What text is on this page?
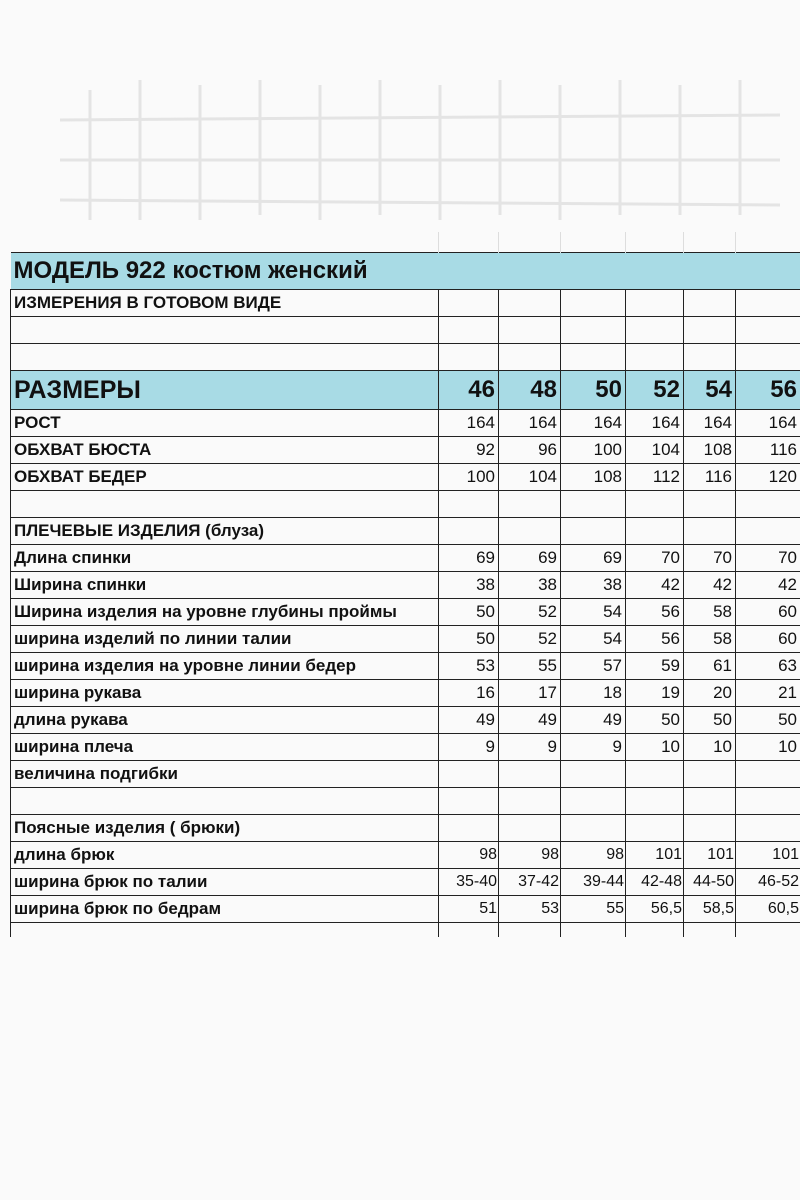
МОДЕЛЬ 922 костюм женский						
ИЗМЕРЕНИЯ В ГОТОВОМ ВИДЕ						

РАЗМЕРЫ	46	48	50	52	54	56
РОСТ	164	164	164	164	164	164
ОБХВАТ БЮСТА	92	96	100	104	108	116
ОБХВАТ БЕДЕР	100	104	108	112	116	120

ПЛЕЧЕВЫЕ ИЗДЕЛИЯ (блуза)						
Длина спинки	69	69	69	70	70	70
Ширина спинки	38	38	38	42	42	42
Ширина изделия на уровне глубины проймы	50	52	54	56	58	60
ширина изделий по линии талии	50	52	54	56	58	60
ширина изделия на уровне линии бедер	53	55	57	59	61	63
ширина рукава	16	17	18	19	20	21
длина рукава	49	49	49	50	50	50
ширина плеча	9	9	9	10	10	10
величина подгибки						

Поясные изделия ( брюки)						
длина брюк	98	98	98	101	101	101
ширина брюк по талии	35-40	37-42	39-44	42-48	44-50	46-52
ширина брюк по бедрам	51	53	55	56,5	58,5	60,5
